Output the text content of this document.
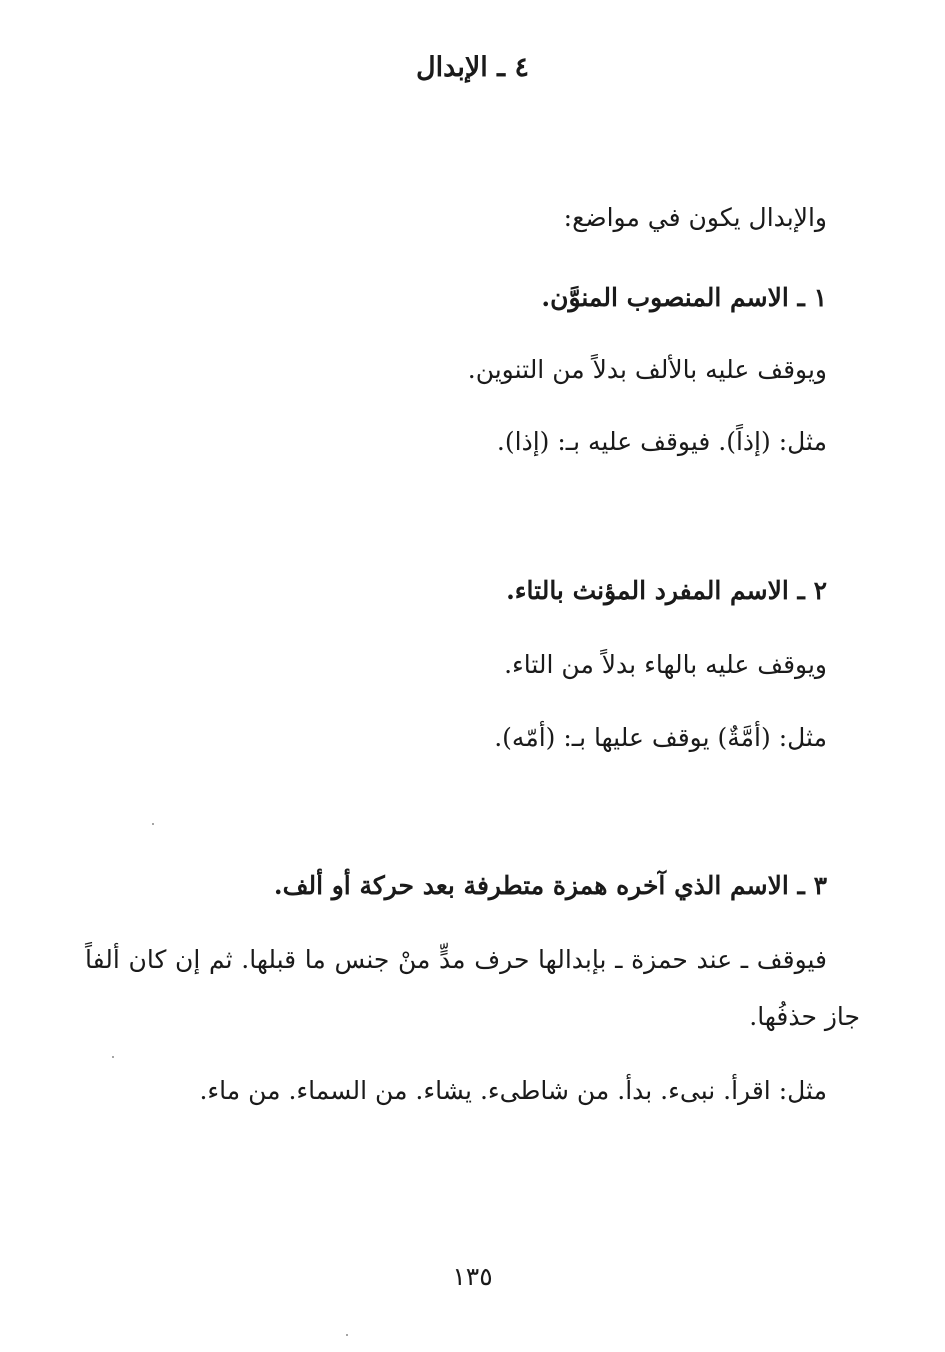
٤ ـ الإبدال
والإبدال يكون في مواضع:
١ ـ الاسم المنصوب المنوَّن.
ويوقف عليه بالألف بدلاً من التنوين.
مثل: (إذاً). فيوقف عليه بـ: (إذا).
٢ ـ الاسم المفرد المؤنث بالتاء.
ويوقف عليه بالهاء بدلاً من التاء.
مثل: (أمَّةٌ) يوقف عليها بـ: (أمّه).
٣ ـ الاسم الذي آخره همزة متطرفة بعد حركة أو ألف.
فيوقف ـ عند حمزة ـ بإبدالها حرف مدٍّ منْ جنس ما قبلها. ثم إن كان ألفاً جاز حذفُها.
مثل: اقرأ. نبىء. بدأ. من شاطىء. يشاء. من السماء. من ماء.
١٣٥
